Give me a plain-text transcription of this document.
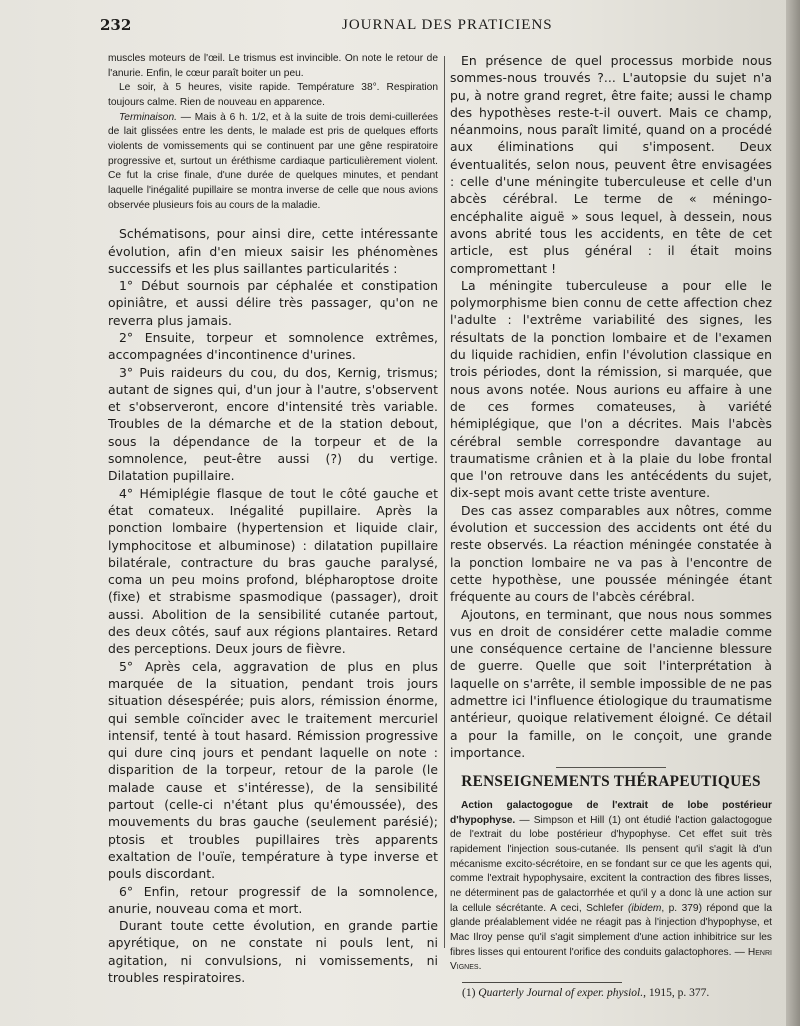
232	JOURNAL DES PRATICIENS

muscles moteurs de l'œil. Le trismus est invincible. On note le retour de l'anurie. Enfin, le cœur paraît boiter un peu.

Le soir, à 5 heures, visite rapide. Température 38°. Respiration toujours calme. Rien de nouveau en apparence.

Terminaison. — Mais à 6 h. 1/2, et à la suite de trois demi-cuillerées de lait glissées entre les dents, le malade est pris de quelques efforts violents de vomissements qui se continuent par une gêne respiratoire progressive et, surtout un éréthisme cardiaque particulièrement violent. Ce fut la crise finale, d'une durée de quelques minutes, et pendant laquelle l'inégalité pupillaire se montra inverse de celle que nous avions observée plusieurs fois au cours de la maladie.

Schématisons, pour ainsi dire, cette intéressante évolution, afin d'en mieux saisir les phénomènes successifs et les plus saillantes particularités :

1° Début sournois par céphalée et constipation opiniâtre, et aussi délire très passager, qu'on ne reverra plus jamais.

2° Ensuite, torpeur et somnolence extrêmes, accompagnées d'incontinence d'urines.

3° Puis raideurs du cou, du dos, Kernig, trismus; autant de signes qui, d'un jour à l'autre, s'observent et s'observeront, encore d'intensité très variable. Troubles de la démarche et de la station debout, sous la dépendance de la torpeur et de la somnolence, peut-être aussi (?) du vertige. Dilatation pupillaire.

4° Hémiplégie flasque de tout le côté gauche et état comateux. Inégalité pupillaire. Après la ponction lombaire (hypertension et liquide clair, lymphocitose et albuminose) : dilatation pupillaire bilatérale, contracture du bras gauche paralysé, coma un peu moins profond, blépharoptose droite (fixe) et strabisme spasmodique (passager), droit aussi. Abolition de la sensibilité cutanée partout, des deux côtés, sauf aux régions plantaires. Retard des perceptions. Deux jours de fièvre.

5° Après cela, aggravation de plus en plus marquée de la situation, pendant trois jours situation désespérée; puis alors, rémission énorme, qui semble coïncider avec le traitement mercuriel intensif, tenté à tout hasard. Rémission progressive qui dure cinq jours et pendant laquelle on note : disparition de la torpeur, retour de la parole (le malade cause et s'intéresse), de la sensibilité partout (celle-ci n'étant plus qu'émoussée), des mouvements du bras gauche (seulement parésié); ptosis et troubles pupillaires très apparents exaltation de l'ouïe, température à type inverse et pouls discordant.

6° Enfin, retour progressif de la somnolence, anurie, nouveau coma et mort.

Durant toute cette évolution, en grande partie apyrétique, on ne constate ni pouls lent, ni agitation, ni convulsions, ni vomissements, ni troubles respiratoires.

En présence de quel processus morbide nous sommes-nous trouvés ?... L'autopsie du sujet n'a pu, à notre grand regret, être faite; aussi le champ des hypothèses reste-t-il ouvert. Mais ce champ, néanmoins, nous paraît limité, quand on a procédé aux éliminations qui s'imposent. Deux éventualités, selon nous, peuvent être envisagées : celle d'une méningite tuberculeuse et celle d'un abcès cérébral. Le terme de « méningo-encéphalite aiguë » sous lequel, à dessein, nous avons abrité tous les accidents, en tête de cet article, est plus général : il était moins compromettant !

La méningite tuberculeuse a pour elle le polymorphisme bien connu de cette affection chez l'adulte : l'extrême variabilité des signes, les résultats de la ponction lombaire et de l'examen du liquide rachidien, enfin l'évolution classique en trois périodes, dont la rémission, si marquée, que nous avons notée. Nous aurions eu affaire à une de ces formes comateuses, à variété hémiplégique, que l'on a décrites. Mais l'abcès cérébral semble correspondre davantage au traumatisme crânien et à la plaie du lobe frontal que l'on retrouve dans les antécédents du sujet, dix-sept mois avant cette triste aventure.

Des cas assez comparables aux nôtres, comme évolution et succession des accidents ont été du reste observés. La réaction méningée constatée à la ponction lombaire ne va pas à l'encontre de cette hypothèse, une poussée méningée étant fréquente au cours de l'abcès cérébral.

Ajoutons, en terminant, que nous nous sommes vus en droit de considérer cette maladie comme une conséquence certaine de l'ancienne blessure de guerre. Quelle que soit l'interprétation à laquelle on s'arrête, il semble impossible de ne pas admettre ici l'influence étiologique du traumatisme antérieur, quoique relativement éloigné. Ce détail a pour la famille, on le conçoit, une grande importance.

RENSEIGNEMENTS THÉRAPEUTIQUES

Action galactogogue de l'extrait de lobe postérieur d'hypophyse. — Simpson et Hill (1) ont étudié l'action galactogogue de l'extrait du lobe postérieur d'hypophyse. Cet effet suit très rapidement l'injection sous-cutanée. Ils pensent qu'il s'agit là d'un mécanisme excito-sécrétoire, en se fondant sur ce que les agents qui, comme l'extrait hypophysaire, excitent la contraction des fibres lisses, ne déterminent pas de galactorrhée et qu'il y a donc là une action sur la cellule sécrétante. A ceci, Schlefer (ibidem, p. 379) répond que la glande préalablement vidée ne réagit pas à l'injection d'hypophyse, et Mac Ilroy pense qu'il s'agit simplement d'une action inhibitrice sur les fibres lisses qui entourent l'orifice des conduits galactophores. — Henri Vignes.

(1) Quarterly Journal of exper. physiol., 1915, p. 377.
